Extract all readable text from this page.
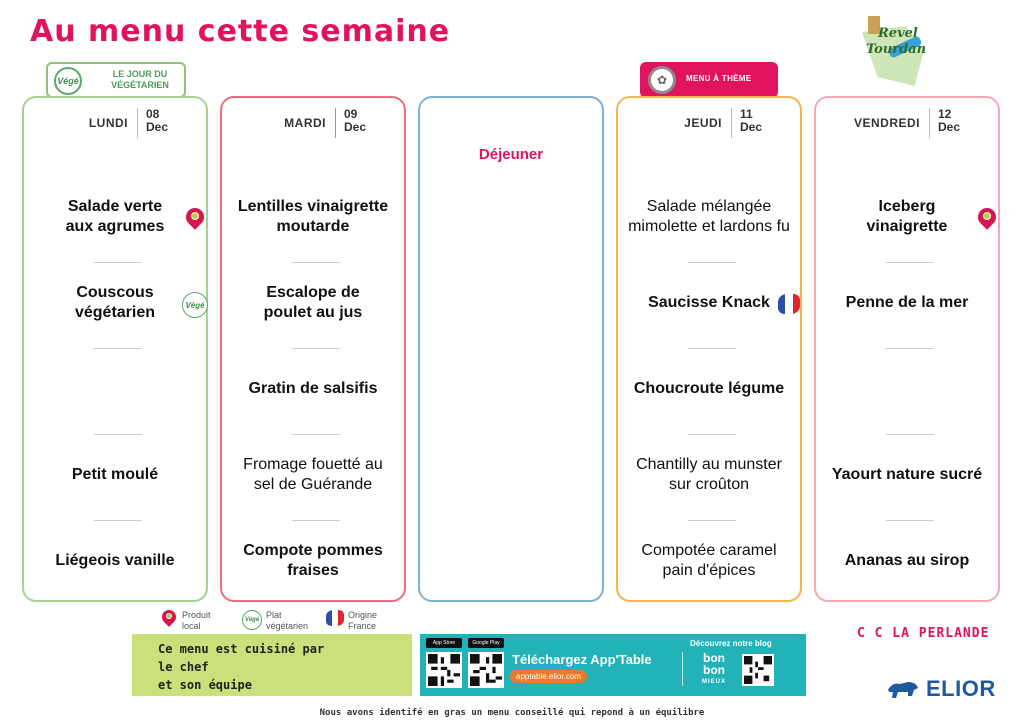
Au menu cette semaine	Revel
Tourdan
Végé
LE JOUR DU VÉGÉTARIEN	✿	MENU À THÈME
LUNDI
08
Dec
Salade verte aux agrumes
Couscous végétarien	Végé
Petit moulé
Liégeois vanille
MARDI
09
Dec
Lentilles vinaigrette moutarde
Escalope de poulet au jus
Gratin de salsifis
Fromage fouetté au sel de Guérande
Compote pommes fraises
Déjeuner
JEUDI
11
Dec
Salade mélangée mimolette et lardons fu
Saucisse Knack
Choucroute légume
Chantilly au munster sur croûton
Compotée caramel pain d'épices
VENDREDI
12
Dec
Iceberg vinaigrette
Penne de la mer
Yaourt nature sucré
Ananas au sirop
Produit local
Végé Plat végétarien
Origine France
Ce menu est cuisiné par
le chef
et son équipe
App Store	Google Play
Téléchargez App'Table
apptable.elior.com
Découvrez notre blog
bon
bon
MIEUX
C C LA PERLANDE
ELIOR
Nous avons identifé en gras un menu conseillé qui repond à un équilibre
